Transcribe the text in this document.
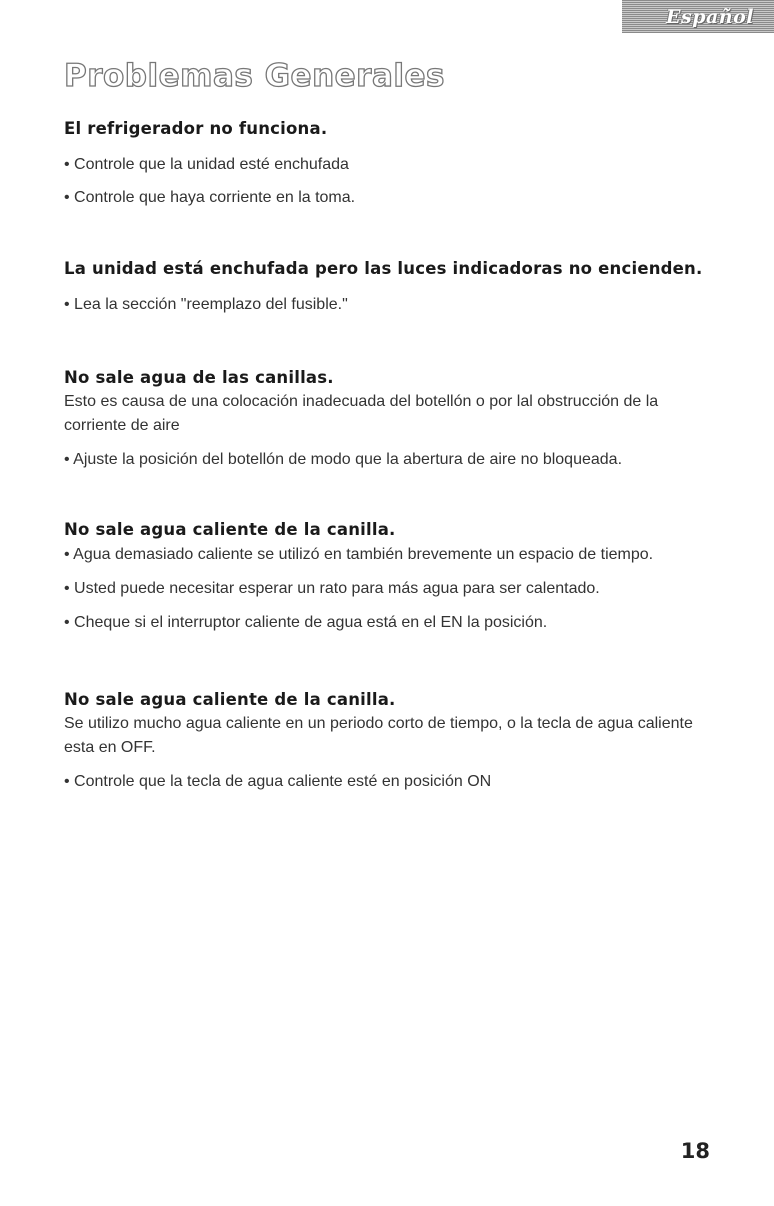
Español
Problemas Generales
El refrigerador no funciona.

• Controle que la unidad esté enchufada

• Controle que haya corriente en la toma.

La unidad está enchufada pero las luces indicadoras no encienden.

• Lea la sección "reemplazo del fusible."

No sale agua de las canillas.

Esto es causa de una colocación inadecuada del botellón o por lal obstrucción de la corriente de aire

• Ajuste la posición del botellón de modo que la abertura de aire no bloqueada.

No sale agua caliente de la canilla.

• Agua demasiado caliente se utilizó en también brevemente un espacio de tiempo.

• Usted puede necesitar esperar un rato para más agua para ser calentado.

• Cheque si el interruptor caliente de agua está en el EN la posición.

No sale agua caliente de la canilla.

Se utilizo mucho agua caliente en un periodo corto de tiempo, o la tecla de agua caliente esta en OFF.

• Controle que la tecla de agua caliente esté en posición ON

18
